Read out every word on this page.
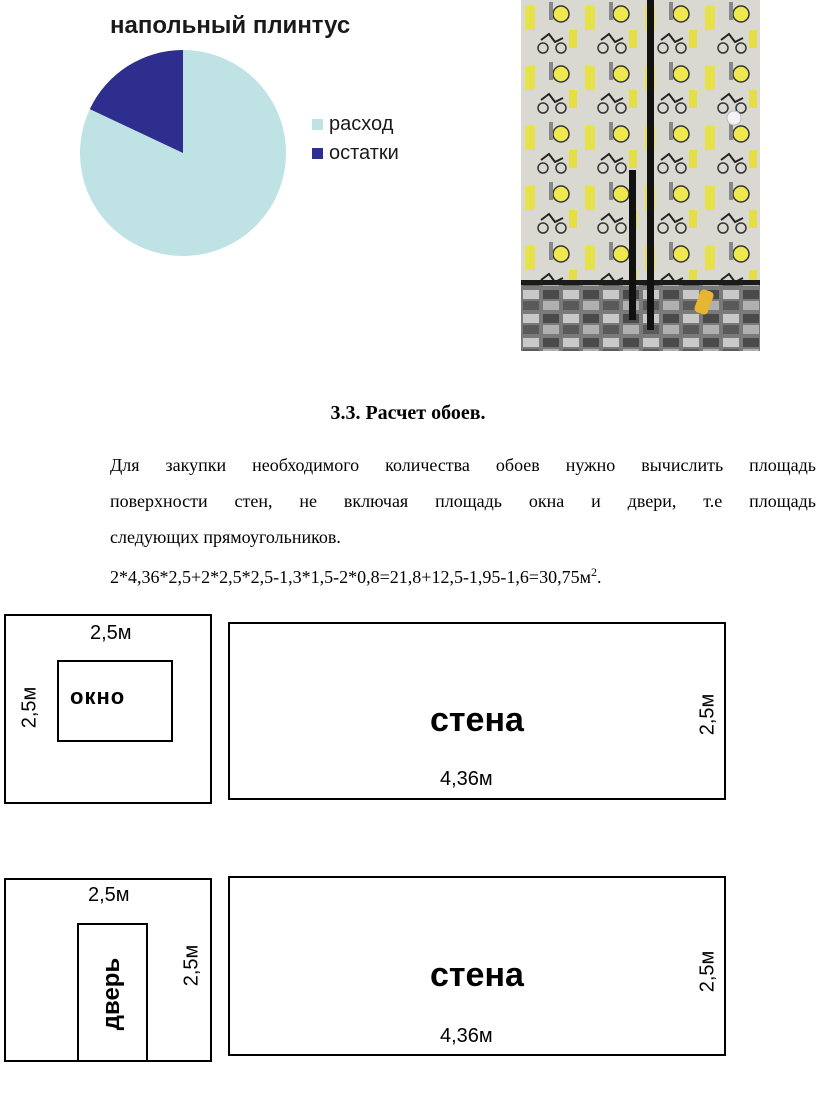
напольный плинтус
расход
остатки
3.3. Расчет обоев.
Для закупки необходимого количества обоев нужно вычислить площадь
поверхности стен, не включая площадь окна и двери, т.е площадь
следующих прямоугольников.
$2*4,36*2,5+2*2,5*2,5-1,3*1,5-2*0,8=21,8+12,5-1,95-1,6=30,75м^2$.
2,5м
2,5м окно
стена
4,36м
2,5м
2,5м
2,5м
дверь	стена
4,36м
2,5м
